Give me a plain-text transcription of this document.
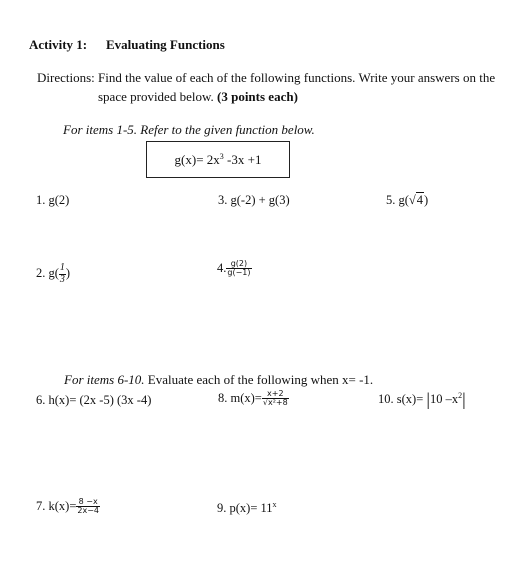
Activity 1: Evaluating Functions
Directions: Find the value of each of the following functions. Write your answers on the
space provided below. (3 points each)
For items 1-5. Refer to the given function below.
$g(x)= 2x^3$ -3x +1
1. g(2)	3. g(-2) + g(3)	5. g(√4)
2. $g( \frac{1}{3}$ )	4. $\frac{g(2)}{g(-1)}$
For items 6-10. Evaluate each of the following when x= -1.
6. h(x)= (2x -5) (3x -4)	8. $m(x)= \frac{x+2}{\text{√x²+8}}$	10. s(x)= |10 $-x^2|$
7. $k(x)= \frac{8 -x}{2x-4}$	9. $p(x)= 11^x$
